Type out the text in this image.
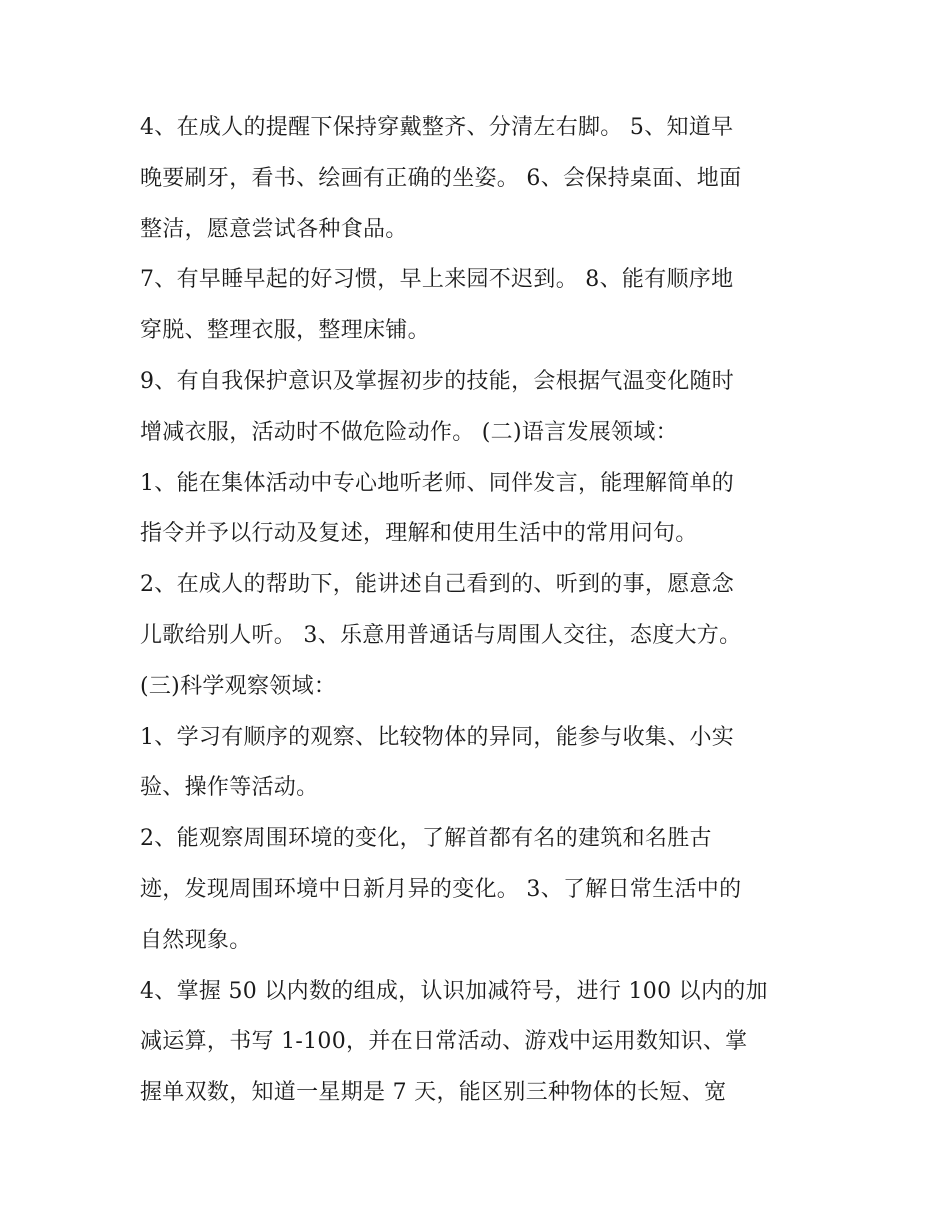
4、在成人的提醒下保持穿戴整齐、分清左右脚。 5、知道早
晚要刷牙，看书、绘画有正确的坐姿。 6、会保持桌面、地面
整洁，愿意尝试各种食品。
7、有早睡早起的好习惯，早上来园不迟到。 8、能有顺序地
穿脱、整理衣服，整理床铺。
9、有自我保护意识及掌握初步的技能，会根据气温变化随时
增减衣服，活动时不做危险动作。 (二)语言发展领域：
1、能在集体活动中专心地听老师、同伴发言，能理解简单的
指令并予以行动及复述，理解和使用生活中的常用问句。
2、在成人的帮助下，能讲述自己看到的、听到的事，愿意念
儿歌给别人听。 3、乐意用普通话与周围人交往，态度大方。
(三)科学观察领域：
1、学习有顺序的观察、比较物体的异同，能参与收集、小实
验、操作等活动。
2、能观察周围环境的变化，了解首都有名的建筑和名胜古
迹，发现周围环境中日新月异的变化。 3、了解日常生活中的
自然现象。
4、掌握 50 以内数的组成，认识加减符号，进行 100 以内的加
减运算，书写 1-100，并在日常活动、游戏中运用数知识、掌
握单双数，知道一星期是 7 天，能区别三种物体的长短、宽
